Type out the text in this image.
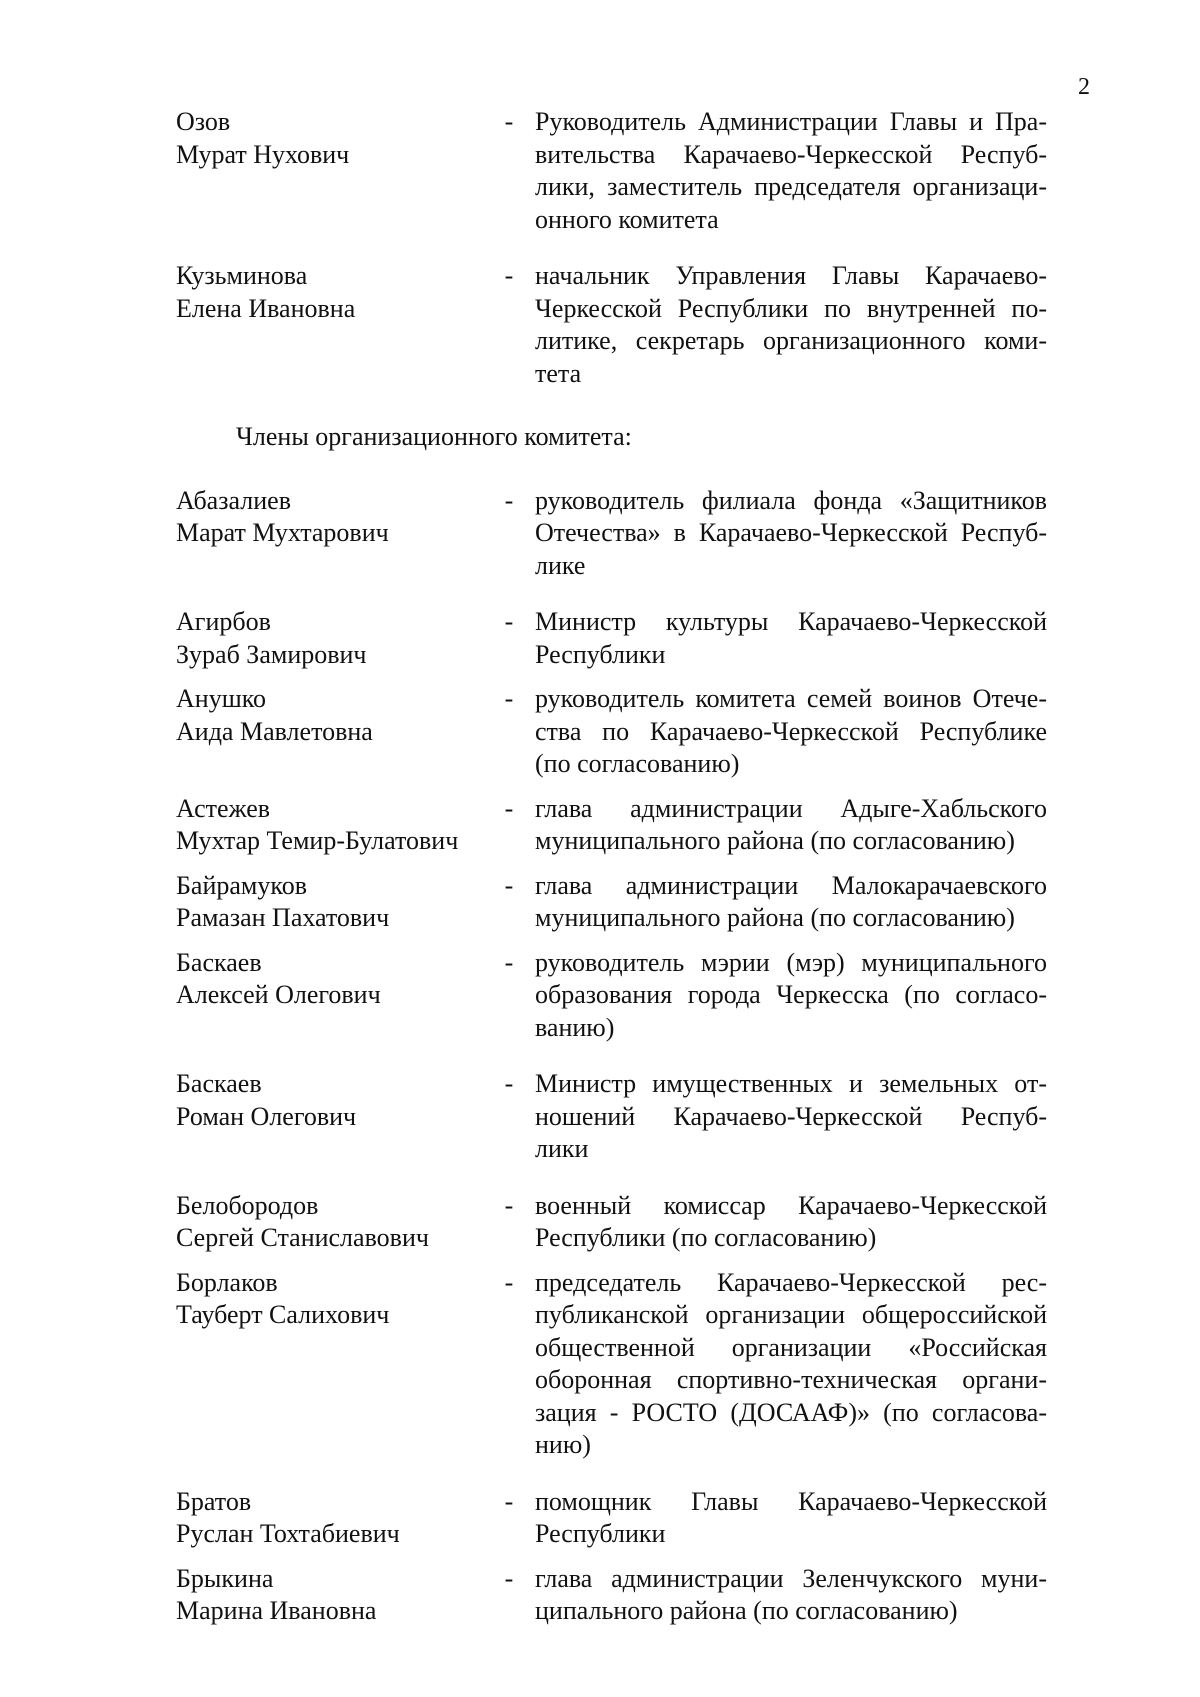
2
Озов
Мурат Нухович
- Руководитель Администрации Главы и Пра-
вительства Карачаево-Черкесской Респуб-
лики, заместитель председателя организаци-
онного комитета
Кузьминова
Елена Ивановна
- начальник Управления Главы Карачаево-
Черкесской Республики по внутренней по-
литике, секретарь организационного коми-
тета
Члены организационного комитета:
Абазалиев
Марат Мухтарович
- руководитель филиала фонда «Защитников
Отечества» в Карачаево-Черкесской Респуб-
лике
Агирбов
Зураб Замирович
- Министр культуры Карачаево-Черкесской
Республики
Анушко
Аида Мавлетовна
- руководитель комитета семей воинов Отече-
ства по Карачаево-Черкесской Республике
(по согласованию)
Астежев
Мухтар Темир-Булатович
- глава администрации Адыге-Хабльского
муниципального района (по согласованию)
Байрамуков
Рамазан Пахатович
- глава администрации Малокарачаевского
муниципального района (по согласованию)
Баскаев
Алексей Олегович
- руководитель мэрии (мэр) муниципального
образования города Черкесска (по согласо-
ванию)
Баскаев
Роман Олегович
- Министр имущественных и земельных от-
ношений Карачаево-Черкесской Респуб-
лики
Белобородов
Сергей Станиславович
- военный комиссар Карачаево-Черкесской
Республики (по согласованию)
Борлаков
Тауберт Салихович
- председатель Карачаево-Черкесской рес-
публиканской организации общероссийской
общественной организации «Российская
оборонная спортивно-техническая органи-
зация - РОСТО (ДОСААФ)» (по согласова-
нию)
Братов
Руслан Тохтабиевич
- помощник Главы Карачаево-Черкесской
Республики
Брыкина
Марина Ивановна
- глава администрации Зеленчукского муни-
ципального района (по согласованию)
